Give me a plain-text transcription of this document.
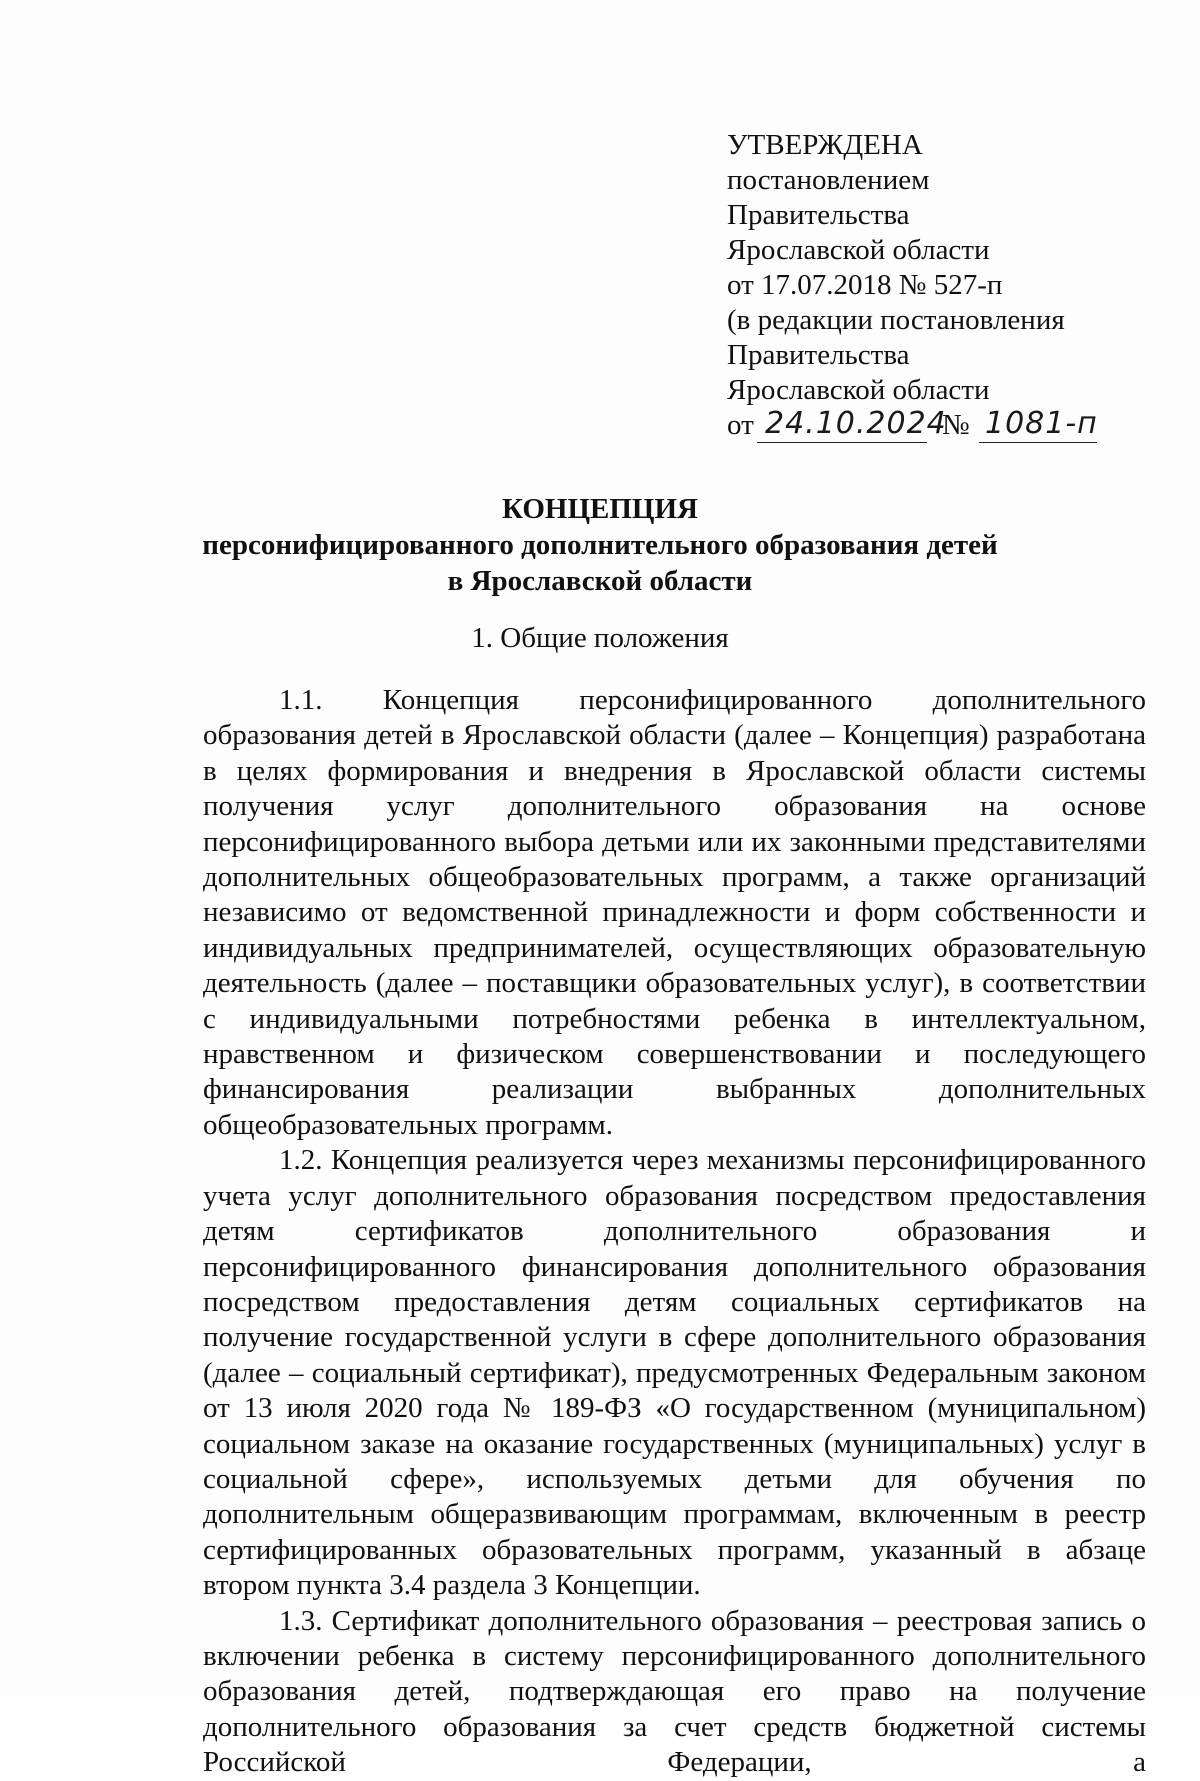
УТВЕРЖДЕНА
постановлением
Правительства
Ярославской области
от 17.07.2018 № 527-п
(в редакции постановления
Правительства
Ярославской области
от 24.10.2024
№ 1081-п
КОНЦЕПЦИЯ
персонифицированного дополнительного образования детей
в Ярославской области
1. Общие положения

1.1. Концепция персонифицированного дополнительного образования детей в Ярославской области (далее – Концепция) разработана в целях формирования и внедрения в Ярославской области системы получения услуг дополнительного образования на основе персонифицированного выбора детьми или их законными представителями дополнительных общеобразовательных программ, а также организаций независимо от ведомственной принадлежности и форм собственности и индивидуальных предпринимателей, осуществляющих образовательную деятельность (далее – поставщики образовательных услуг), в соответствии с индивидуальными потребностями ребенка в интеллектуальном, нравственном и физическом совершенствовании и последующего финансирования реализации выбранных дополнительных общеобразовательных программ.

1.2. Концепция реализуется через механизмы персонифицированного учета услуг дополнительного образования посредством предоставления детям сертификатов дополнительного образования и персонифицированного финансирования дополнительного образования посредством предоставления детям социальных сертификатов на получение государственной услуги в сфере дополнительного образования (далее – социальный сертификат), предусмотренных Федеральным законом от 13 июля 2020 года № 189-ФЗ «О государственном (муниципальном) социальном заказе на оказание государственных (муниципальных) услуг в социальной сфере», используемых детьми для обучения по дополнительным общеразвивающим программам, включенным в реестр сертифицированных образовательных программ, указанный в абзаце втором пункта 3.4 раздела 3 Концепции.

1.3. Сертификат дополнительного образования – реестровая запись о включении ребенка в систему персонифицированного дополнительного образования детей, подтверждающая его право на получение дополнительного образования за счет средств бюджетной системы Российской Федерации, а
